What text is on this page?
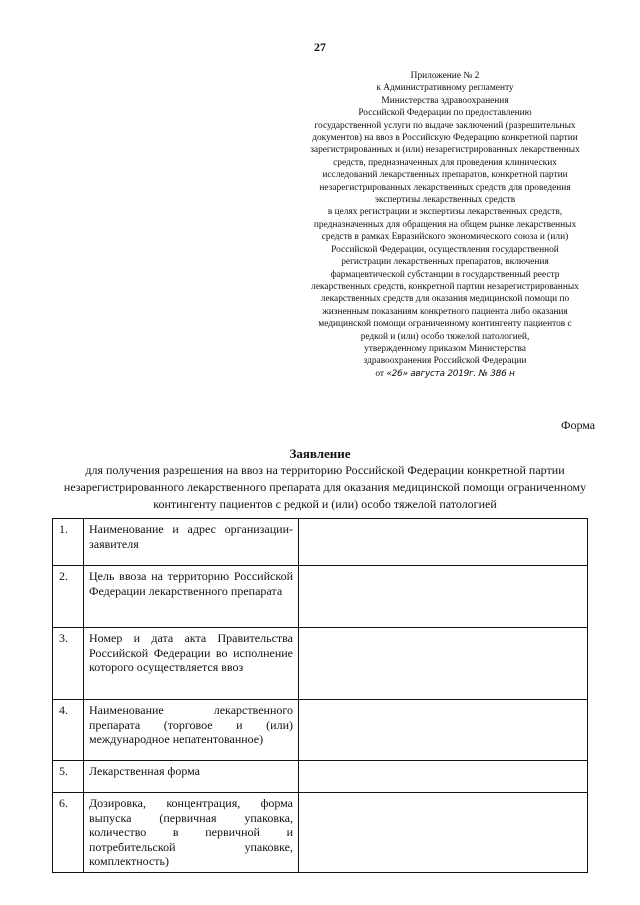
27
Приложение № 2
к Административному регламенту
Министерства здравоохранения
Российской Федерации по предоставлению
государственной услуги по выдаче заключений (разрешительных
документов) на ввоз в Российскую Федерацию конкретной партии
зарегистрированных и (или) незарегистрированных лекарственных
средств, предназначенных для проведения клинических
исследований лекарственных препаратов, конкретной партии
незарегистрированных лекарственных средств для проведения
экспертизы лекарственных средств
в целях регистрации и экспертизы лекарственных средств,
предназначенных для обращения на общем рынке лекарственных
средств в рамках Евразийского экономического союза и (или)
Российской Федерации, осуществления государственной
регистрации лекарственных препаратов, включения
фармацевтической субстанции в государственный реестр
лекарственных средств, конкретной партии незарегистрированных
лекарственных средств для оказания медицинской помощи по
жизненным показаниям конкретного пациента либо оказания
медицинской помощи ограниченному контингенту пациентов с
редкой и (или) особо тяжелой патологией,
утвержденному приказом Министерства
здравоохранения Российской Федерации
от «26» августа 2019г. № 386 н
Форма
Заявление
для получения разрешения на ввоз на территорию Российской Федерации конкретной партии незарегистрированного лекарственного препарата для оказания медицинской помощи ограниченному контингенту пациентов с редкой и (или) особо тяжелой патологией
1.	Наименование и адрес организации-заявителя	
2.	Цель ввоза на территорию Российской Федерации лекарственного препарата	
3.	Номер и дата акта Правительства Российской Федерации во исполнение которого осуществляется ввоз	
4.	Наименование лекарственного препарата (торговое и (или) международное непатентованное)	
5.	Лекарственная форма	
6.	Дозировка, концентрация, форма выпуска (первичная упаковка, количество в первичной и потребительской упаковке, комплектность)	
